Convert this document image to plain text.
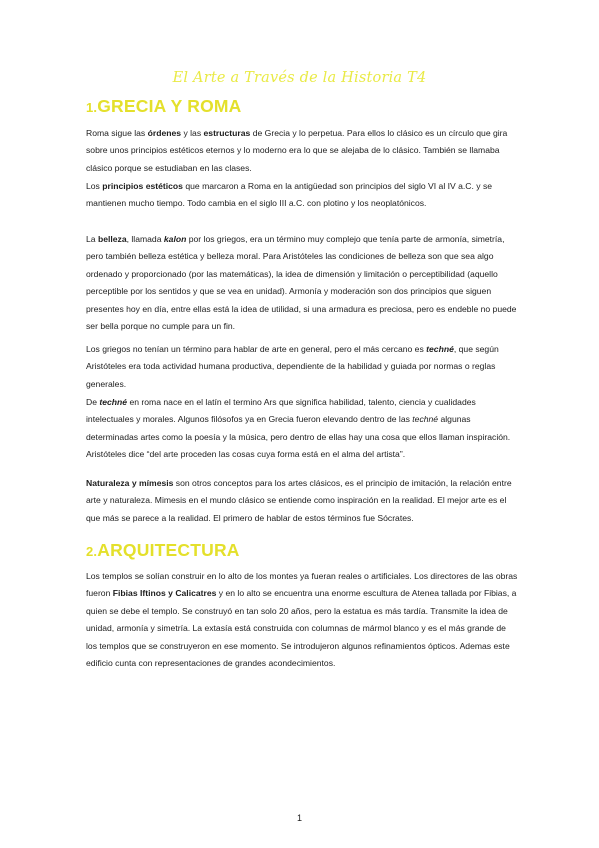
El Arte a Través de la Historia T4
1.GRECIA Y ROMA

Roma sigue las órdenes y las estructuras de Grecia y lo perpetua. Para ellos lo clásico es un círculo que gira sobre unos principios estéticos eternos y lo moderno era lo que se alejaba de lo clásico. También se llamaba clásico porque se estudiaban en las clases.

Los principios estéticos que marcaron a Roma en la antigüedad son principios del siglo VI al IV a.C. y se mantienen mucho tiempo. Todo cambia en el siglo III a.C. con plotino y los neoplatónicos.

La belleza, llamada kalon por los griegos, era un término muy complejo que tenía parte de armonía, simetría, pero también belleza estética y belleza moral. Para Aristóteles las condiciones de belleza son que sea algo ordenado y proporcionado (por las matemáticas), la idea de dimensión y limitación o perceptibilidad (aquello perceptible por los sentidos y que se vea en unidad). Armonía y moderación son dos principios que siguen presentes hoy en día, entre ellas está la idea de utilidad, si una armadura es preciosa, pero es endeble no puede ser bella porque no cumple para un fin.

Los griegos no tenían un término para hablar de arte en general, pero el más cercano es techné, que según Aristóteles era toda actividad humana productiva, dependiente de la habilidad y guiada por normas o reglas generales.

De techné en roma nace en el latín el termino Ars que significa habilidad, talento, ciencia y cualidades intelectuales y morales. Algunos filósofos ya en Grecia fueron elevando dentro de las techné algunas determinadas artes como la poesía y la música, pero dentro de ellas hay una cosa que ellos llaman inspiración. Aristóteles dice “del arte proceden las cosas cuya forma está en el alma del artista”.

Naturaleza y mímesis son otros conceptos para los artes clásicos, es el principio de imitación, la relación entre arte y naturaleza. Mimesis en el mundo clásico se entiende como inspiración en la realidad. El mejor arte es el que más se parece a la realidad. El primero de hablar de estos términos fue Sócrates.

2.ARQUITECTURA

Los templos se solían construir en lo alto de los montes ya fueran reales o artificiales. Los directores de las obras fueron Fibias Iftinos y Calicatres y en lo alto se encuentra una enorme escultura de Atenea tallada por Fibias, a quien se debe el templo. Se construyó en tan solo 20 años, pero la estatua es más tardía. Transmite la idea de unidad, armonía y simetría. La extasía está construida con columnas de mármol blanco y es el más grande de los templos que se construyeron en ese momento. Se introdujeron algunos refinamientos ópticos. Ademas este edificio cunta con representaciones de grandes acondecimientos.

1
